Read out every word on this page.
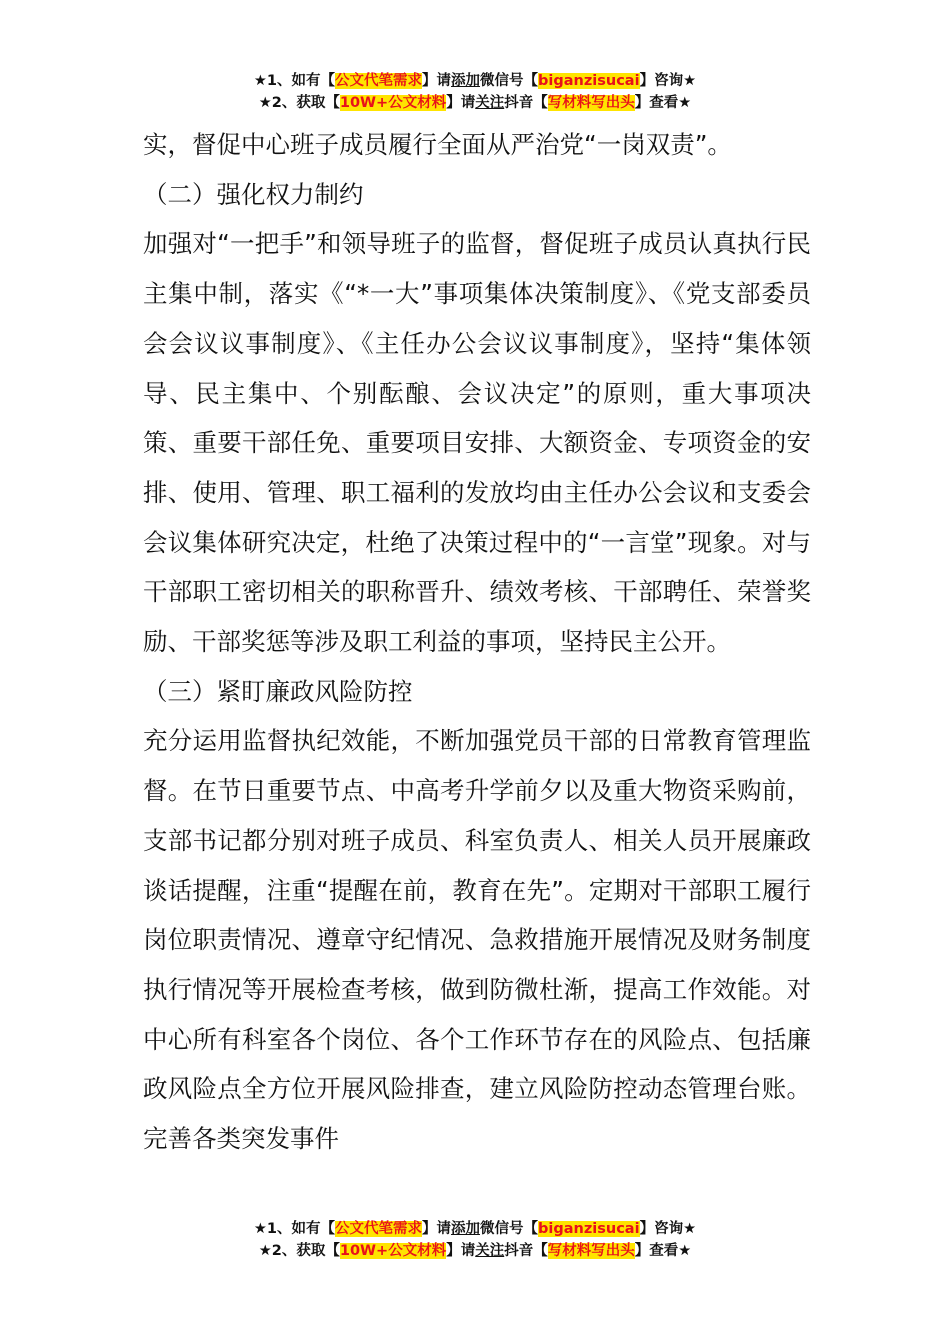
★1、如有【公文代笔需求】请添加微信号【biganzisucai】咨询★
★2、获取【10W+公文材料】请关注抖音【写材料写出头】查看★

实，督促中心班子成员履行全面从严治党“一岗双责”。

（二）强化权力制约

加强对“一把手”和领导班子的监督，督促班子成员认真执行民主集中制，落实《“*一大”事项集体决策制度》、《党支部委员会会议议事制度》、《主任办公会议议事制度》，坚持“集体领导、民主集中、个别酝酿、会议决定”的原则，重大事项决策、重要干部任免、重要项目安排、大额资金、专项资金的安排、使用、管理、职工福利的发放均由主任办公会议和支委会会议集体研究决定，杜绝了决策过程中的“一言堂”现象。对与干部职工密切相关的职称晋升、绩效考核、干部聘任、荣誉奖励、干部奖惩等涉及职工利益的事项，坚持民主公开。

（三）紧盯廉政风险防控

充分运用监督执纪效能，不断加强党员干部的日常教育管理监督。在节日重要节点、中高考升学前夕以及重大物资采购前，支部书记都分别对班子成员、科室负责人、相关人员开展廉政谈话提醒，注重“提醒在前，教育在先”。定期对干部职工履行岗位职责情况、遵章守纪情况、急救措施开展情况及财务制度执行情况等开展检查考核，做到防微杜渐，提高工作效能。对中心所有科室各个岗位、各个工作环节存在的风险点、包括廉政风险点全方位开展风险排查，建立风险防控动态管理台账。完善各类突发事件

★1、如有【公文代笔需求】请添加微信号【biganzisucai】咨询★
★2、获取【10W+公文材料】请关注抖音【写材料写出头】查看★
